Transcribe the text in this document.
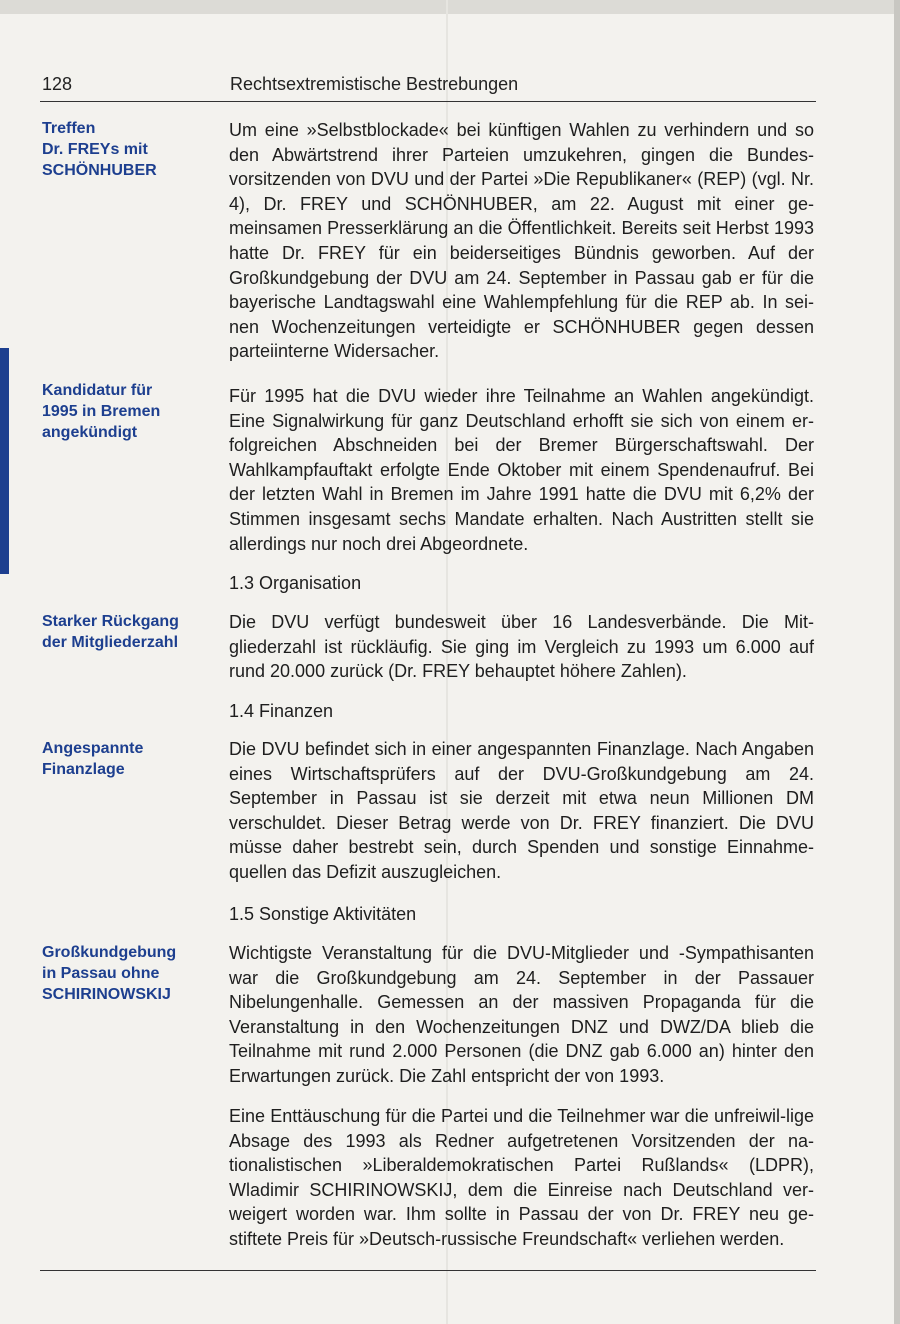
128	Rechtsextremistische Bestrebungen
Treffen
Dr. FREYs mit
SCHÖNHUBER
Kandidatur für
1995 in Bremen
angekündigt
Starker Rückgang
der Mitgliederzahl
Angespannte
Finanzlage
Großkundgebung
in Passau ohne
SCHIRINOWSKIJ

Um eine »Selbstblockade« bei künftigen Wahlen zu verhindern und so den Abwärtstrend ihrer Parteien umzukehren, gingen die Bundes-vorsitzenden von DVU und der Partei »Die Republikaner« (REP) (vgl. Nr. 4), Dr. FREY und SCHÖNHUBER, am 22. August mit einer ge-meinsamen Presserklärung an die Öffentlichkeit. Bereits seit Herbst 1993 hatte Dr. FREY für ein beiderseitiges Bündnis geworben. Auf der Großkundgebung der DVU am 24. September in Passau gab er für die bayerische Landtagswahl eine Wahlempfehlung für die REP ab. In sei-nen Wochenzeitungen verteidigte er SCHÖNHUBER gegen dessen parteiinterne Widersacher.

Für 1995 hat die DVU wieder ihre Teilnahme an Wahlen angekündigt. Eine Signalwirkung für ganz Deutschland erhofft sie sich von einem er-folgreichen Abschneiden bei der Bremer Bürgerschaftswahl. Der Wahlkampfauftakt erfolgte Ende Oktober mit einem Spendenaufruf. Bei der letzten Wahl in Bremen im Jahre 1991 hatte die DVU mit 6,2% der Stimmen insgesamt sechs Mandate erhalten. Nach Austritten stellt sie allerdings nur noch drei Abgeordnete.

1.3 Organisation

Die DVU verfügt bundesweit über 16 Landesverbände. Die Mit-gliederzahl ist rückläufig. Sie ging im Vergleich zu 1993 um 6.000 auf rund 20.000 zurück (Dr. FREY behauptet höhere Zahlen).

1.4 Finanzen

Die DVU befindet sich in einer angespannten Finanzlage. Nach Angaben eines Wirtschaftsprüfers auf der DVU-Großkundgebung am 24. September in Passau ist sie derzeit mit etwa neun Millionen DM verschuldet. Dieser Betrag werde von Dr. FREY finanziert. Die DVU müsse daher bestrebt sein, durch Spenden und sonstige Einnahme-quellen das Defizit auszugleichen.

1.5 Sonstige Aktivitäten

Wichtigste Veranstaltung für die DVU-Mitglieder und -Sympathisanten war die Großkundgebung am 24. September in der Passauer Nibelungenhalle. Gemessen an der massiven Propaganda für die Veranstaltung in den Wochenzeitungen DNZ und DWZ/DA blieb die Teilnahme mit rund 2.000 Personen (die DNZ gab 6.000 an) hinter den Erwartungen zurück. Die Zahl entspricht der von 1993.

Eine Enttäuschung für die Partei und die Teilnehmer war die unfreiwil-lige Absage des 1993 als Redner aufgetretenen Vorsitzenden der na-tionalistischen »Liberaldemokratischen Partei Rußlands« (LDPR), Wladimir SCHIRINOWSKIJ, dem die Einreise nach Deutschland ver-weigert worden war. Ihm sollte in Passau der von Dr. FREY neu ge-stiftete Preis für »Deutsch-russische Freundschaft« verliehen werden.
